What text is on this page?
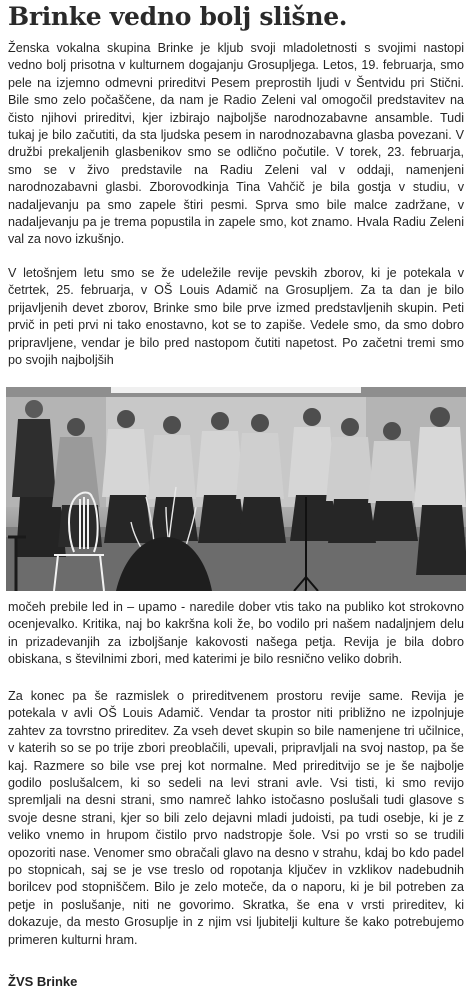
Brinke vedno bolj slišne.
Ženska vokalna skupina Brinke je kljub svoji mladoletnosti s svojimi nastopi vedno bolj prisotna v kulturnem dogajanju Grosupljega. Letos, 19. februarja, smo pele na izjemno odmevni prireditvi Pesem preprostih ljudi v Šentvidu pri Stični. Bile smo zelo počaščene, da nam je Radio Zeleni val omogočil predstavitev na čisto njihovi prireditvi, kjer izbirajo najboljše narodnozabavne ansamble. Tudi tukaj je bilo začutiti, da sta ljudska pesem in narodnozabavna glasba povezani. V družbi prekaljenih glasbenikov smo se odlično počutile. V torek, 23. februarja, smo se v živo predstavile na Radiu Zeleni val v oddaji, namenjeni narodnozabavni glasbi. Zborovodkinja Tina Vahčič je bila gostja v studiu, v nadaljevanju pa smo zapele štiri pesmi. Sprva smo bile malce zadržane, v nadaljevanju pa je trema popustila in zapele smo, kot znamo. Hvala Radiu Zeleni val za novo izkušnjo.
V letošnjem letu smo se že udeležile revije pevskih zborov, ki je potekala v četrtek, 25. februarja, v OŠ Louis Adamič na Grosupljem. Za ta dan je bilo prijavljenih devet zborov, Brinke smo bile prve izmed predstavljenih skupin. Peti prvič in peti prvi ni tako enostavno, kot se to zapiše. Vedele smo, da smo dobro pripravljene, vendar je bilo pred nastopom čutiti napetost. Po začetni tremi smo po svojih najboljših
močeh prebile led in – upamo - naredile dober vtis tako na publiko kot strokovno ocenjevalko. Kritika, naj bo kakršna koli že, bo vodilo pri našem nadaljnjem delu in prizadevanjih za izboljšanje kakovosti našega petja. Revija je bila dobro obiskana, s številnimi zbori, med katerimi je bilo resnično veliko dobrih.
Za konec pa še razmislek o prireditvenem prostoru revije same. Revija je potekala v avli OŠ Louis Adamič. Vendar ta prostor niti približno ne izpolnjuje zahtev za tovrstno prireditev. Za vseh devet skupin so bile namenjene tri učilnice, v katerih so se po trije zbori preoblačili, upevali, pripravljali na svoj nastop, pa še kaj. Razmere so bile vse prej kot normalne. Med prireditvijo se je še najbolje godilo poslušalcem, ki so sedeli na levi strani avle. Vsi tisti, ki smo revijo spremljali na desni strani, smo namreč lahko istočasno poslušali tudi glasove s svoje desne strani, kjer so bili zelo dejavni mladi judoisti, pa tudi osebje, ki je z veliko vnemo in hrupom čistilo prvo nadstropje šole. Vsi po vrsti so se trudili opozoriti nase. Venomer smo obračali glavo na desno v strahu, kdaj bo kdo padel po stopnicah, saj se je vse treslo od ropotanja ključev in vzklikov nadebudnih borilcev pod stopniščem. Bilo je zelo moteče, da o naporu, ki je bil potreben za petje in poslušanje, niti ne govorimo. Skratka, še ena v vrsti prireditev, ki dokazuje, da mesto Grosuplje in z njim vsi ljubitelji kulture še kako potrebujemo primeren kulturni hram.
ŽVS Brinke
